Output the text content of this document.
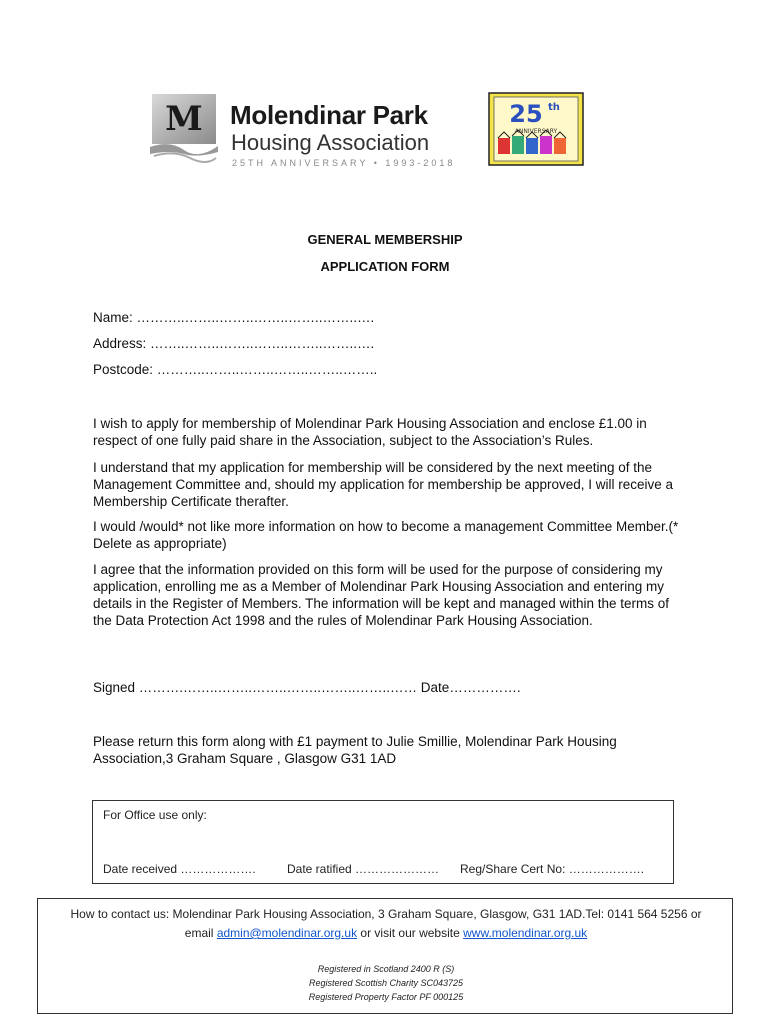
M Molendinar Park
Housing Association
25TH ANNIVERSARY • 1993-2018
25 th
ANNIVERSARY
GENERAL MEMBERSHIP
APPLICATION FORM
Name: ………..……..……..……..……..……..….
Address: ……..……..……..……..……..……..….
Postcode: ………..……..……..……..……..……..
I wish to apply for membership of Molendinar Park Housing Association and enclose £1.00 in respect of one fully paid share in the Association, subject to the Association’s Rules.
I understand that my application for membership will be considered by the next meeting of the Management Committee and, should my application for membership be approved, I will receive a Membership Certificate therafter.
I would /would* not like more information on how to become a management Committee Member.(* Delete as appropriate)
I agree that the information provided on this form will be used for the purpose of considering my application, enrolling me as a Member of Molendinar Park Housing Association and entering my details in the Register of Members. The information will be kept and managed within the terms of the Data Protection Act 1998 and the rules of Molendinar Park Housing Association.
Signed ……….……..……..……..……..……..……..…… Date…………….
Please return this form along with £1 payment to Julie Smillie, Molendinar Park Housing Association,3 Graham Square , Glasgow G31 1AD
For Office use only:
Date received ……………….	Date ratified ………………… Reg/Share Cert No: ……………….
How to contact us: Molendinar Park Housing Association, 3 Graham Square, Glasgow, G31 1AD.Tel: 0141 564 5256 or
email admin@molendinar.org.uk or visit our website www.molendinar.org.uk
Registered in Scotland 2400 R (S)
Registered Scottish Charity SC043725
Registered Property Factor PF 000125
